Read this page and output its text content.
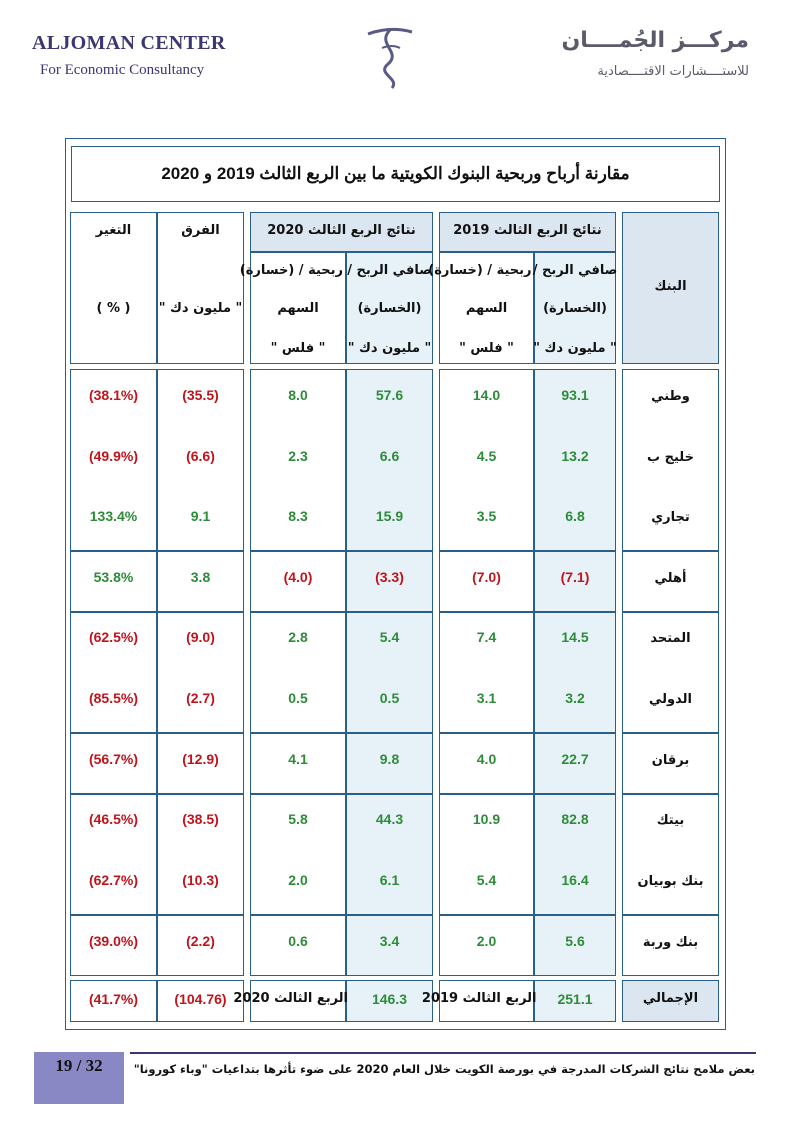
ALJOMAN CENTER
For Economic Consultancy
مركـــز الجُمــــان
للاستــــشارات الاقتــــصادية
مقارنة أرباح وربحية البنوك الكويتية ما بين الربع الثالث 2019 و 2020
البنك
نتائج الربع الثالث 2019
نتائج الربع الثالث 2020
صافي الربح /
(الخسارة)
" مليون دك "
صافي الربح /
(الخسارة)
" مليون دك "
ربحية / (خسارة)
السهم
" فلس "
ربحية / (خسارة)
السهم
" فلس "
الفرق
" مليون دك "
التغير
( % )
وطني
93.1
14.0
57.6
8.0
(35.5)
(38.1%)
خليج ب
13.2
4.5
6.6
2.3
(6.6)
(49.9%)
تجاري
6.8
3.5
15.9
8.3
9.1
133.4%
أهلي
(7.1)
(7.0)
(3.3)
(4.0)
3.8
53.8%
المتحد
14.5
7.4
5.4
2.8
(9.0)
(62.5%)
الدولي
3.2
3.1
0.5
0.5
(2.7)
(85.5%)
برقان
22.7
4.0
9.8
4.1
(12.9)
(56.7%)
بيتك
82.8
10.9
44.3
5.8
(38.5)
(46.5%)
بنك بوبيان
16.4
5.4
6.1
2.0
(10.3)
(62.7%)
بنك وربة
5.6
2.0
3.4
0.6
(2.2)
(39.0%)
الإجمالي
251.1
الربع الثالث 2019
146.3
الربع الثالث 2020
(104.76)
(41.7%)
19 / 32	بعض ملامح نتائج الشركات المدرجة في بورصة الكويت خلال العام 2020 على ضوء تأثرها بتداعيات "وباء كورونا"
